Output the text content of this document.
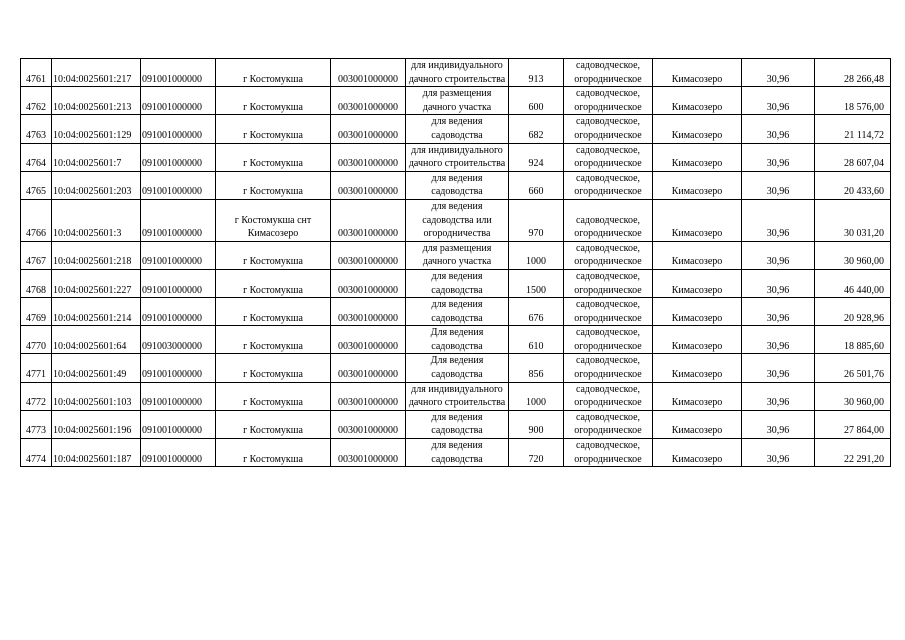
4761	10:04:0025601:217	091001000000	г Костомукша	003001000000	для индивидуального дачного строительства	913	садоводческое, огородническое	Кимасозеро	30,96	28 266,48
4762	10:04:0025601:213	091001000000	г Костомукша	003001000000	для размещения дачного участка	600	садоводческое, огородническое	Кимасозеро	30,96	18 576,00
4763	10:04:0025601:129	091001000000	г Костомукша	003001000000	для ведения садоводства	682	садоводческое, огородническое	Кимасозеро	30,96	21 114,72
4764	10:04:0025601:7	091001000000	г Костомукша	003001000000	для индивидуального дачного строительства	924	садоводческое, огородническое	Кимасозеро	30,96	28 607,04
4765	10:04:0025601:203	091001000000	г Костомукша	003001000000	для ведения садоводства	660	садоводческое, огородническое	Кимасозеро	30,96	20 433,60
4766	10:04:0025601:3	091001000000	г Костомукша снт Кимасозеро	003001000000	для ведения садоводства или огородничества	970	садоводческое, огородническое	Кимасозеро	30,96	30 031,20
4767	10:04:0025601:218	091001000000	г Костомукша	003001000000	для размещения дачного участка	1000	садоводческое, огородническое	Кимасозеро	30,96	30 960,00
4768	10:04:0025601:227	091001000000	г Костомукша	003001000000	для ведения садоводства	1500	садоводческое, огородническое	Кимасозеро	30,96	46 440,00
4769	10:04:0025601:214	091001000000	г Костомукша	003001000000	для ведения садоводства	676	садоводческое, огородническое	Кимасозеро	30,96	20 928,96
4770	10:04:0025601:64	091003000000	г Костомукша	003001000000	Для ведения садоводства	610	садоводческое, огородническое	Кимасозеро	30,96	18 885,60
4771	10:04:0025601:49	091001000000	г Костомукша	003001000000	Для ведения садоводства	856	садоводческое, огородническое	Кимасозеро	30,96	26 501,76
4772	10:04:0025601:103	091001000000	г Костомукша	003001000000	для индивидуального дачного строительства	1000	садоводческое, огородническое	Кимасозеро	30,96	30 960,00
4773	10:04:0025601:196	091001000000	г Костомукша	003001000000	для ведения садоводства	900	садоводческое, огородническое	Кимасозеро	30,96	27 864,00
4774	10:04:0025601:187	091001000000	г Костомукша	003001000000	для ведения садоводства	720	садоводческое, огородническое	Кимасозеро	30,96	22 291,20
